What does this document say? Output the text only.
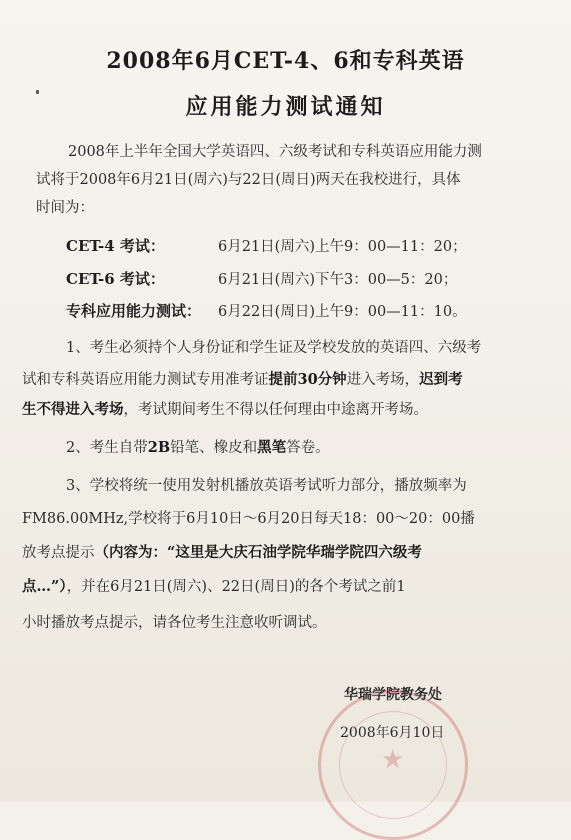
2008年6月CET-4、6和专科英语
应用能力测试通知
2008年上半年全国大学英语四、六级考试和专科英语应用能力测
试将于2008年6月21日(周六)与22日(周日)两天在我校进行，具体
时间为：
CET-4 考试：	6月21日(周六)上午9：00—11：20；
CET-6 考试：	6月21日(周六)下午3：00—5：20；
专科应用能力测试： 6月22日(周日)上午9：00—11：10。
1、考生必须持个人身份证和学生证及学校发放的英语四、六级考
试和专科英语应用能力测试专用准考证提前30分钟进入考场，迟到考
生不得进入考场，考试期间考生不得以任何理由中途离开考场。
2、考生自带2B铅笔、橡皮和黑笔答卷。
3、学校将统一使用发射机播放英语考试听力部分，播放频率为
FM86.00MHz,学校将于6月10日～6月20日每天18：00～20：00播
放考点提示（内容为：“这里是大庆石油学院华瑞学院四六级考
点…”），并在6月21日(周六)、22日(周日)的各个考试之前1
小时播放考点提示，请各位考生注意收听调试。
★
华瑞学院教务处
2008年6月10日
